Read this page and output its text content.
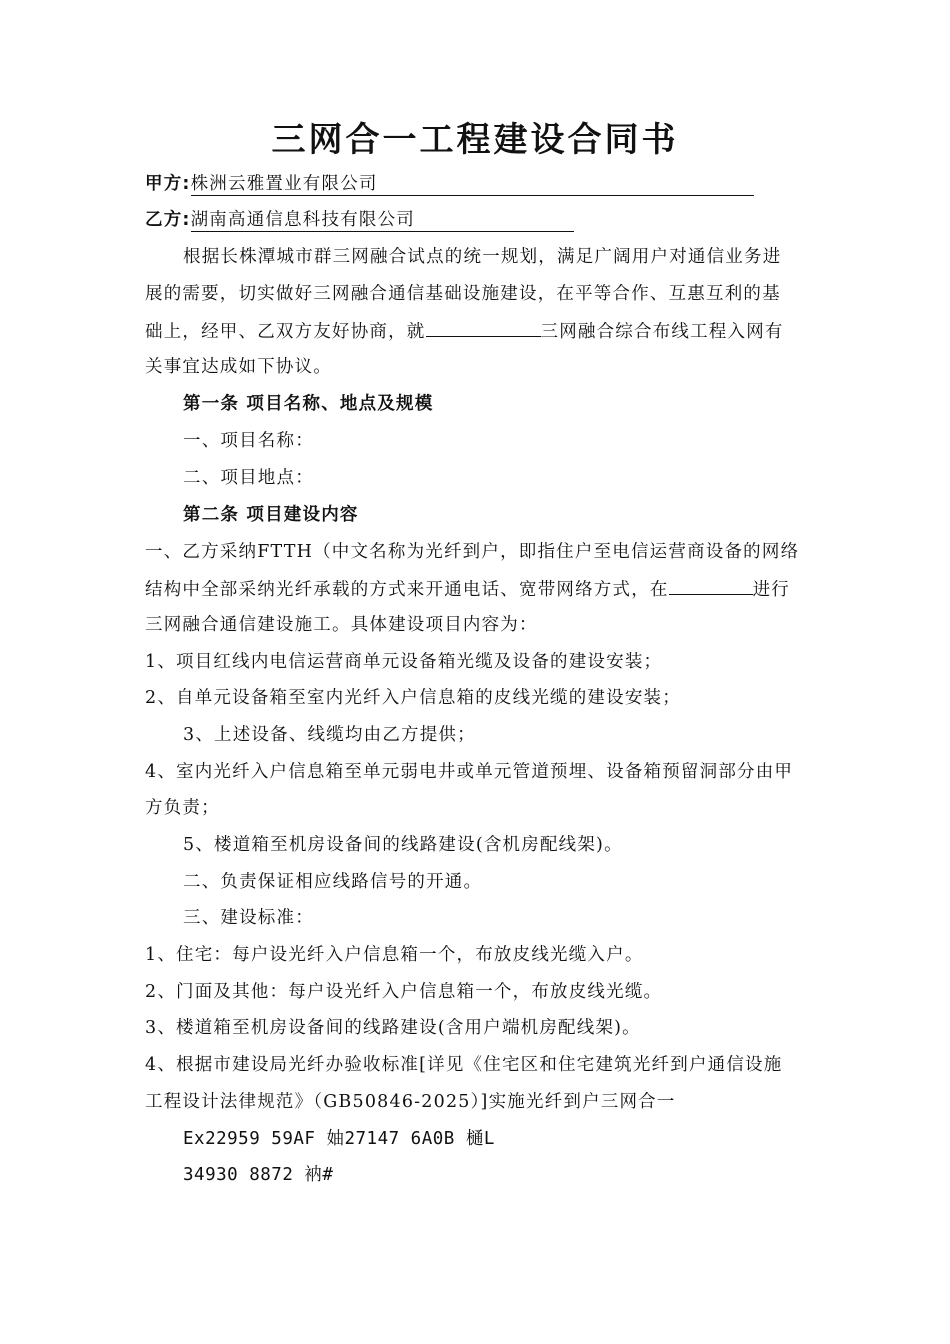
三网合一工程建设合同书
甲方:株洲云雅置业有限公司
乙方:湖南高通信息科技有限公司
根据长株潭城市群三网融合试点的统一规划，满足广阔用户对通信业务进
展的需要，切实做好三网融合通信基础设施建设，在平等合作、互惠互利的基
础上，经甲、乙双方友好协商，就	三网融合综合布线工程入网有
关事宜达成如下协议。
第一条 项目名称、地点及规模
一、项目名称：
二、项目地点：
第二条 项目建设内容
一、乙方采纳FTTH（中文名称为光纤到户，即指住户至电信运营商设备的网络
结构中全部采纳光纤承载的方式来开通电话、宽带网络方式，在	进行
三网融合通信建设施工。具体建设项目内容为：
1、项目红线内电信运营商单元设备箱光缆及设备的建设安装；
2、自单元设备箱至室内光纤入户信息箱的皮线光缆的建设安装；
3、上述设备、线缆均由乙方提供；
4、室内光纤入户信息箱至单元弱电井或单元管道预埋、设备箱预留洞部分由甲
方负责；
5、楼道箱至机房设备间的线路建设(含机房配线架)。
二、负责保证相应线路信号的开通。
三、建设标准：
1、住宅：每户设光纤入户信息箱一个，布放皮线光缆入户。
2、门面及其他：每户设光纤入户信息箱一个，布放皮线光缆。
3、楼道箱至机房设备间的线路建设(含用户端机房配线架)。
4、根据市建设局光纤办验收标准[详见《住宅区和住宅建筑光纤到户通信设施
工程设计法律规范》（GB50846-2025）]实施光纤到户三网合一
Ex22959 59AF 妯27147 6A0B 樋L
34930 8872 衲#
